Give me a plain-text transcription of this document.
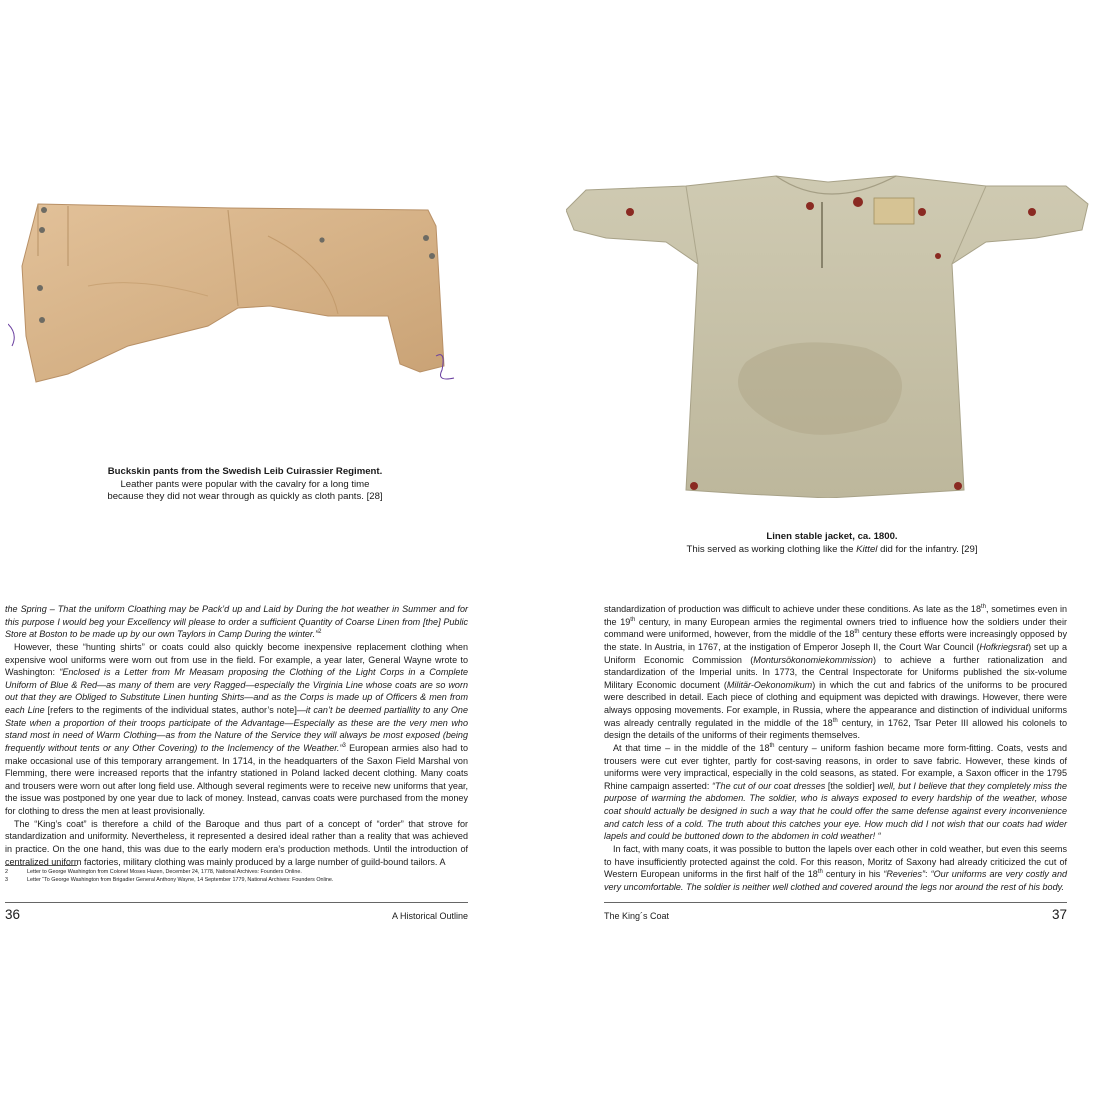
Buckskin pants from the Swedish Leib Cuirassier Regiment.
Leather pants were popular with the cavalry for a long time
because they did not wear through as quickly as cloth pants. [28]

the Spring – That the uniform Cloathing may be Pack’d up and Laid by During the hot weather in Summer and for this purpose I would beg your Excellency will please to order a sufficient Quantity of Coarse Linen from [the] Public Store at Boston to be made up by our own Taylors in Camp During the winter.”$^2$

However, these “hunting shirts” or coats could also quickly become inexpensive replacement clothing when expensive wool uniforms were worn out from use in the field. For example, a year later, General Wayne wrote to Washington: “Enclosed is a Letter from Mr Measam proposing the Clothing of the Light Corps in a Complete Uniform of Blue & Red—as many of them are very Ragged—especially the Virginia Line whose coats are so worn out that they are Obliged to Substitute Linen hunting Shirts—and as the Corps is made up of Officers & men from each Line [refers to the regiments of the individual states, author’s note]—it can’t be deemed partiallity to any One State when a proportion of their troops participate of the Advantage—Especially as these are the very men who stand most in need of Warm Clothing—as from the Nature of the Service they will always be most exposed (being frequently without tents or any Other Covering) to the Inclemency of the Weather.”$^3$ European armies also had to make occasional use of this temporary arrangement. In 1714, in the headquarters of the Saxon Field Marshal von Flemming, there were increased reports that the infantry stationed in Poland lacked decent clothing. Many coats and trousers were worn out after long field use. Although several regiments were to receive new uniforms that year, the issue was postponed by one year due to lack of money. Instead, canvas coats were purchased from the money for clothing to dress the men at least provisionally.

The “King’s coat” is therefore a child of the Baroque and thus part of a concept of “order” that strove for standardization and uniformity. Nevertheless, it represented a desired ideal rather than a reality that was achieved in practice. On the one hand, this was due to the early modern era’s production methods. Until the introduction of centralized uniform factories, military clothing was mainly produced by a large number of guild-bound tailors. A

2	Letter to George Washington from Colonel Moses Hazen, December 24, 1778, National Archives: Founders Online.
3	Letter “To George Washington from Brigadier General Anthony Wayne, 14 September 1779, National Archives: Founders Online.
36	A Historical Outline
Linen stable jacket, ca. 1800.
This served as working clothing like the Kittel did for the infantry. [29]

standardization of production was difficult to achieve under these conditions. As late as the 18th, sometimes even in the 19th century, in many European armies the regimental owners tried to influence how the soldiers under their command were uniformed, however, from the middle of the 18th century these efforts were increasingly opposed by the state. In Austria, in 1767, at the instigation of Emperor Joseph II, the Court War Council (Hofkriegsrat) set up a Uniform Economic Commission (Montursökonomiekommission) to achieve a further rationalization and standardization of the Imperial units. In 1773, the Central Inspectorate for Uniforms published the six-volume Military Economic document (Militär-Oekonomikum) in which the cut and fabrics of the uniforms to be procured were described in detail. Each piece of clothing and equipment was depicted with drawings. However, there were always opposing movements. For example, in Russia, where the appearance and distinction of individual uniforms was already centrally regulated in the middle of the 18th century, in 1762, Tsar Peter III allowed his colonels to design the details of the uniforms of their regiments themselves.

At that time – in the middle of the 18th century – uniform fashion became more form-fitting. Coats, vests and trousers were cut ever tighter, partly for cost-saving reasons, in order to save fabric. However, these kinds of uniforms were very impractical, especially in the cold seasons, as stated. For example, a Saxon officer in the 1795 Rhine campaign asserted: “The cut of our coat dresses [the soldier] well, but I believe that they completely miss the purpose of warming the abdomen. The soldier, who is always exposed to every hardship of the weather, whose coat should actually be designed in such a way that he could offer the same defense against every inconvenience and catch less of a cold. The truth about this catches your eye. How much did I not wish that our coats had wider lapels and could be buttoned down to the abdomen in cold weather! “

In fact, with many coats, it was possible to button the lapels over each other in cold weather, but even this seems to have insufficiently protected against the cold. For this reason, Moritz of Saxony had already criticized the cut of Western European uniforms in the first half of the 18th century in his “Reveries”: “Our uniforms are very costly and very uncomfortable. The soldier is neither well clothed and covered around the legs nor around the rest of his body.

The King´s Coat	37
